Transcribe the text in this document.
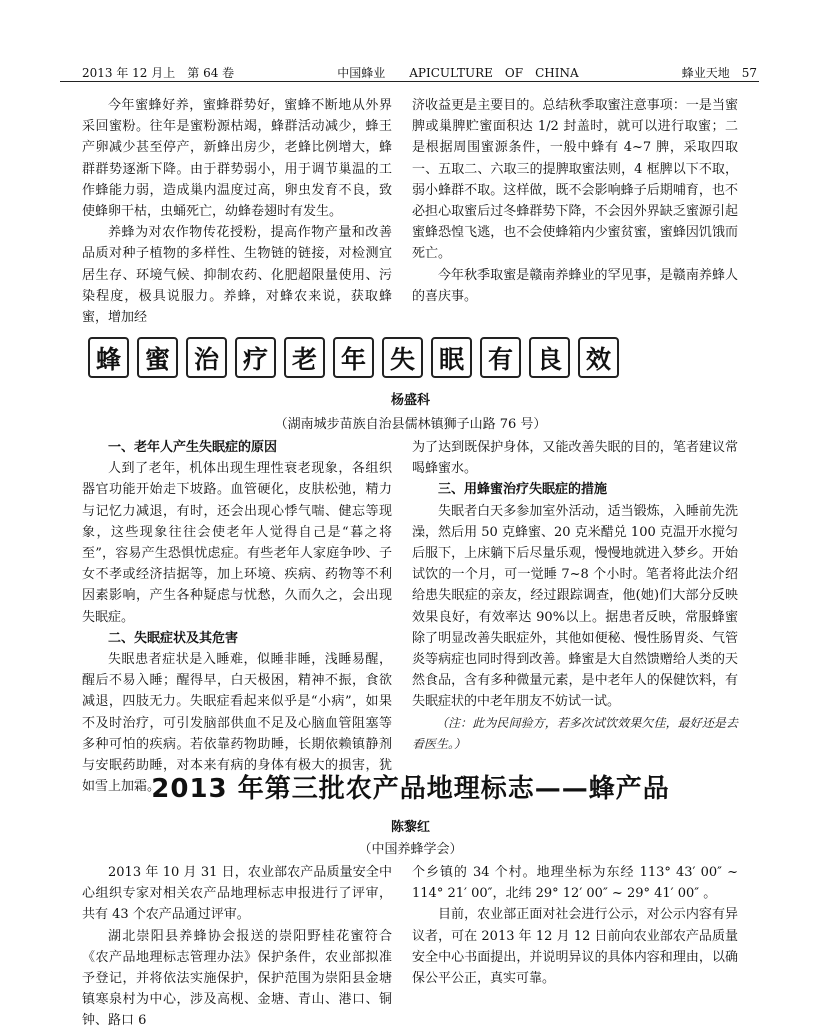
2013 年 12 月上　第 64 卷	中国蜂业　　APICULTURE　OF　CHINA	蜂业天地　57

今年蜜蜂好养，蜜蜂群势好，蜜蜂不断地从外界采回蜜粉。往年是蜜粉源枯竭，蜂群活动减少，蜂王产卵减少甚至停产，新蜂出房少，老蜂比例增大，蜂群群势逐渐下降。由于群势弱小，用于调节巢温的工作蜂能力弱，造成巢内温度过高，卵虫发育不良，致使蜂卵干枯，虫蛹死亡，幼蜂卷翅时有发生。

养蜂为对农作物传花授粉，提高作物产量和改善品质对种子植物的多样性、生物链的链接，对检测宜居生存、环境气候、抑制农药、化肥超限量使用、污染程度，极具说服力。养蜂，对蜂农来说，获取蜂蜜，增加经

济收益更是主要目的。总结秋季取蜜注意事项：一是当蜜脾或巢脾贮蜜面积达 1/2 封盖时，就可以进行取蜜；二是根据周围蜜源条件，一般中蜂有 4~7 脾，采取四取一、五取二、六取三的提脾取蜜法则，4 框脾以下不取，弱小蜂群不取。这样做，既不会影响蜂子后期哺育，也不必担心取蜜后过冬蜂群势下降，不会因外界缺乏蜜源引起蜜蜂恐惶飞逃，也不会使蜂箱内少蜜贫蜜，蜜蜂因饥饿而死亡。

今年秋季取蜜是赣南养蜂业的罕见事，是赣南养蜂人的喜庆事。

蜂 蜜 治 疗 老 年 失 眠 有 良 效
杨盛科
（湖南城步苗族自治县儒林镇狮子山路 76 号）
一、老年人产生失眠症的原因

人到了老年，机体出现生理性衰老现象，各组织器官功能开始走下坡路。血管硬化，皮肤松弛，精力与记忆力减退，有时，还会出现心悸气喘、健忘等现象，这些现象往往会使老年人觉得自己是“暮之将至”，容易产生恐惧忧虑症。有些老年人家庭争吵、子女不孝或经济拮据等，加上环境、疾病、药物等不利因素影响，产生各种疑虑与忧愁，久而久之，会出现失眠症。

二、失眠症状及其危害

失眠患者症状是入睡难，似睡非睡，浅睡易醒，醒后不易入睡；醒得早，白天极困，精神不振，食欲减退，四肢无力。失眠症看起来似乎是“小病”，如果不及时治疗，可引发脑部供血不足及心脑血管阻塞等多种可怕的疾病。若依靠药物助睡，长期依赖镇静剂与安眠药助睡，对本来有病的身体有极大的损害，犹如雪上加霜。

为了达到既保护身体，又能改善失眠的目的，笔者建议常喝蜂蜜水。

三、用蜂蜜治疗失眠症的措施

失眠者白天多参加室外活动，适当锻炼，入睡前先洗澡，然后用 50 克蜂蜜、20 克米醋兑 100 克温开水搅匀后服下，上床躺下后尽量乐观，慢慢地就进入梦乡。开始试饮的一个月，可一觉睡 7~8 个小时。笔者将此法介绍给患失眠症的亲友，经过跟踪调查，他(她)们大部分反映效果良好，有效率达 90%以上。据患者反映，常服蜂蜜除了明显改善失眠症外，其他如便秘、慢性肠胃炎、气管炎等病症也同时得到改善。蜂蜜是大自然馈赠给人类的天然食品，含有多种微量元素，是中老年人的保健饮料，有失眠症状的中老年朋友不妨试一试。

（注：此为民间验方，若多次试饮效果欠佳，最好还是去看医生。）

2013 年第三批农产品地理标志——蜂产品
陈黎红
（中国养蜂学会）

2013 年 10 月 31 日，农业部农产品质量安全中心组织专家对相关农产品地理标志申报进行了评审，共有 43 个农产品通过评审。

湖北崇阳县养蜂协会报送的崇阳野桂花蜜符合《农产品地理标志管理办法》保护条件，农业部拟准予登记，并将依法实施保护，保护范围为崇阳县金塘镇寒泉村为中心，涉及高枧、金塘、青山、港口、铜钟、路口 6

个乡镇的 34 个村。地理坐标为东经 113° 43′ 00″ ~ 114° 21′ 00″，北纬 29° 12′ 00″ ~ 29° 41′ 00″ 。

目前，农业部正面对社会进行公示，对公示内容有异议者，可在 2013 年 12 月 12 日前向农业部农产品质量安全中心书面提出，并说明异议的具体内容和理由，以确保公平公正，真实可靠。
